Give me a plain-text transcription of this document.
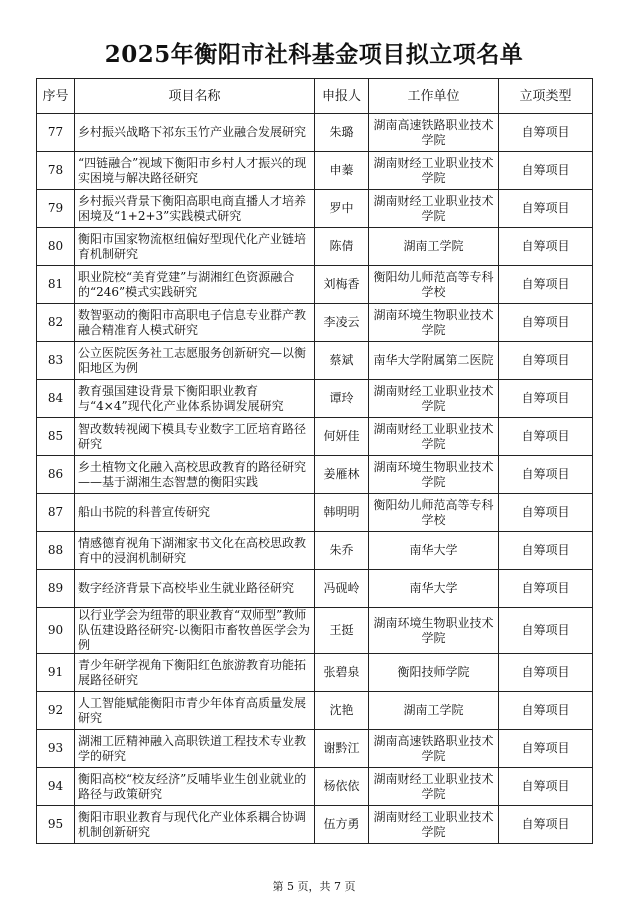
2025年衡阳市社科基金项目拟立项名单
序号	项目名称	申报人	工作单位	立项类型
77	乡村振兴战略下祁东玉竹产业融合发展研究	朱璐	湖南高速铁路职业技术学院	自筹项目
78	“四链融合”视域下衡阳市乡村人才振兴的现实困境与解决路径研究	申蓁	湖南财经工业职业技术学院	自筹项目
79	乡村振兴背景下衡阳高职电商直播人才培养困境及“1+2+3”实践模式研究	罗中	湖南财经工业职业技术学院	自筹项目
80	衡阳市国家物流枢纽偏好型现代化产业链培育机制研究	陈倩	湖南工学院	自筹项目
81	职业院校“美育党建”与湖湘红色资源融合的“246”模式实践研究	刘梅香	衡阳幼儿师范高等专科学校	自筹项目
82	数智驱动的衡阳市高职电子信息专业群产教融合精准育人模式研究	李凌云	湖南环境生物职业技术学院	自筹项目
83	公立医院医务社工志愿服务创新研究—以衡阳地区为例	蔡斌	南华大学附属第二医院	自筹项目
84	教育强国建设背景下衡阳职业教育与“4×4”现代化产业体系协调发展研究	谭玲	湖南财经工业职业技术学院	自筹项目
85	智改数转视阈下模具专业数字工匠培育路径研究	何妍佳	湖南财经工业职业技术学院	自筹项目
86	乡土植物文化融入高校思政教育的路径研究——基于湖湘生态智慧的衡阳实践	姜雁林	湖南环境生物职业技术学院	自筹项目
87	船山书院的科普宣传研究	韩明明	衡阳幼儿师范高等专科学校	自筹项目
88	情感德育视角下湖湘家书文化在高校思政教育中的浸润机制研究	朱乔	南华大学	自筹项目
89	数字经济背景下高校毕业生就业路径研究	冯砚岭	南华大学	自筹项目
90	以行业学会为纽带的职业教育“双师型”教师队伍建设路径研究-以衡阳市畜牧兽医学会为例	王挺	湖南环境生物职业技术学院	自筹项目
91	青少年研学视角下衡阳红色旅游教育功能拓展路径研究	张碧泉	衡阳技师学院	自筹项目
92	人工智能赋能衡阳市青少年体育高质量发展研究	沈艳	湖南工学院	自筹项目
93	湖湘工匠精神融入高职铁道工程技术专业教学的研究	谢黔江	湖南高速铁路职业技术学院	自筹项目
94	衡阳高校“校友经济”反哺毕业生创业就业的路径与政策研究	杨依依	湖南财经工业职业技术学院	自筹项目
95	衡阳市职业教育与现代化产业体系耦合协调机制创新研究	伍方勇	湖南财经工业职业技术学院	自筹项目
第 5 页，共 7 页
